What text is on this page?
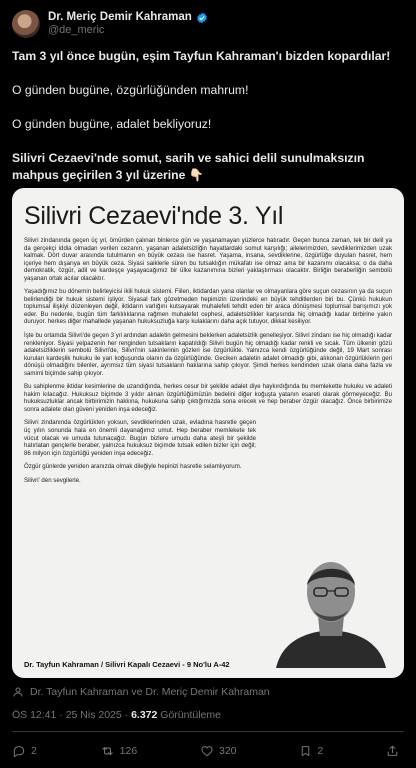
Dr. Meriç Demir Kahraman
@de_meric

Tam 3 yıl önce bugün, eşim Tayfun Kahraman'ı bizden kopardılar!

O günden bugüne, özgürlüğünden mahrum!

O günden bugüne, adalet bekliyoruz!

Silivri Cezaevi'nde somut, sarih ve sahici delil sunulmaksızın mahpus geçirilen 3 yıl üzerine 👇🏻

Silivri Cezaevi'nde 3. Yıl

Silivri zindanında geçen üç yıl, ömürden çalınan binlerce gün ve yaşanamayan yüzlerce hatıradır. Geçen bunca zaman, tek bir delil ya da gerçekçi iddia olmadan verilen cezanın, yaşanan adaletsizliğin hayatlardaki somut karşılığı; ailelerimizden, sevdiklerimizden uzak kalmak. Dört duvar arasında tutulmanın en büyük cezası ise hasret. Yaşama, insana, sevdiklerine, özgürlüğe duyulan hasret, hem içeriye hem dışarıya en büyük ceza. Siyasi saiklerle süren bu tutsaklığın mükafatı ise olmaz ama bir kazanımı olacaksa; o da daha demokratik, özgür, adil ve kardeşçe yaşayacağımız bir ülke kazanımına bizleri yaklaştırması olacaktır. Birliğin beraberliğin sembolü yaşanan ortak acılar olacaktır.

Yaşadığımız bu dönemin belirleyicisi ikili hukuk sistemi. Fiilen, iktidardan yana olanlar ve olmayanlara göre suçun cezasının ya da suçun belirlendiği bir hukuk sistemi işliyor. Siyasal fark gözetmeden hepimizin üzerindeki en büyük tehditlerden biri bu. Çünkü hukukun toplumsal ilişkiyi düzenleyen değil, iktidarın varlığını kutsayarak muhalefeti tehdit eden bir araca dönüşmesi toplumsal barışımızı yok eder. Bu nedenle, bugün tüm farklılıklarına rağmen muhalefet cephesi, adaletsizlikler karşısında hiç olmadığı kadar birbirine yakın duruyor. herkes diğer mahallede yaşanan hukuksuzluğa karşı kulaklarını daha açık tutuyor, dikkat kesiliyor.

İşte bu ortamda Silivri'de geçen 3 yıl ardından adaletin gelmesini beklerken adaletsizlik genelleşiyor. Silivri zindanı ise hiç olmadığı kadar renkleniyor. Siyasi yelpazenin her renginden tutsakların kapatıldığı Silivri bugün hiç olmadığı kadar renkli ve sıcak. Tüm ülkenin gözü adaletsizliklerin sembolü Silivri'de, Silivri'nin sakinlerinin gözleri ise özgürlükte. Yalnızca kendi özgürlüğünde değil, 19 Mart sonrası kuruları kardeşlik hukuku ile yan koğuşunda olanın da özgürlüğünde. Geciken adaletin adalet olmadığı gibi, alıkonan özgürlüklerin geri dönüşü olmadığını bilenler, ayrımsız tüm siyasi tutsakların haklarına sahip çıkıyor. Şimdi herkes kendinden uzak olana daha fazla ve samimi biçimde sahip çıkıyor.

Bu sahiplenme iktidar kesimlerine de uzandığında, herkes cesur bir şekilde adalet diye haykırdığında bu memlekette hukuku ve adaleti hakim kılacağız. Hukuksuz biçimde 3 yıldır alınan özgürlüğümüzün bedelini diğer koğuşta yatanın esareti olarak görmeyeceğiz. Bu hukuksuzluklar ancak birbirimizin hakkına, hukukuna sahip çıktığımızda sona erecek ve hep beraber özgür olacağız. Önce birbirimize sonra adalete olan güveni yeniden inşa edeceğiz.

Silivri zindanında özgürlükten yoksun, sevdiklerinden uzak, evladına hasretle geçen üç yılın sonunda hala en önemli dayanağımız umut. Hep beraber memlekete tek vücut olacak ve umuda tutunacağız. Bugün bizlere umudu daha ateşli bir şekilde hatırlatan gençlerle beraber, yalnızca hukuksuz biçimde tutsak edilen bizler için değil; 86 milyon için özgürlüğü yeniden inşa edeceğiz.

Özgür günlerde yeniden aranızda olmak dileğiyle hepinizi hasretle selamlıyorum.

Silivri' den sevgilerle.

Dr. Tayfun Kahraman / Silivri Kapalı Cezaevi - 9 No'lu A-42
Dr. Tayfun Kahraman ve Dr. Meriç Demir Kahraman
ÖS 12:41 · 25 Nis 2025 · 6.372 Görüntüleme
2	126	320	2
